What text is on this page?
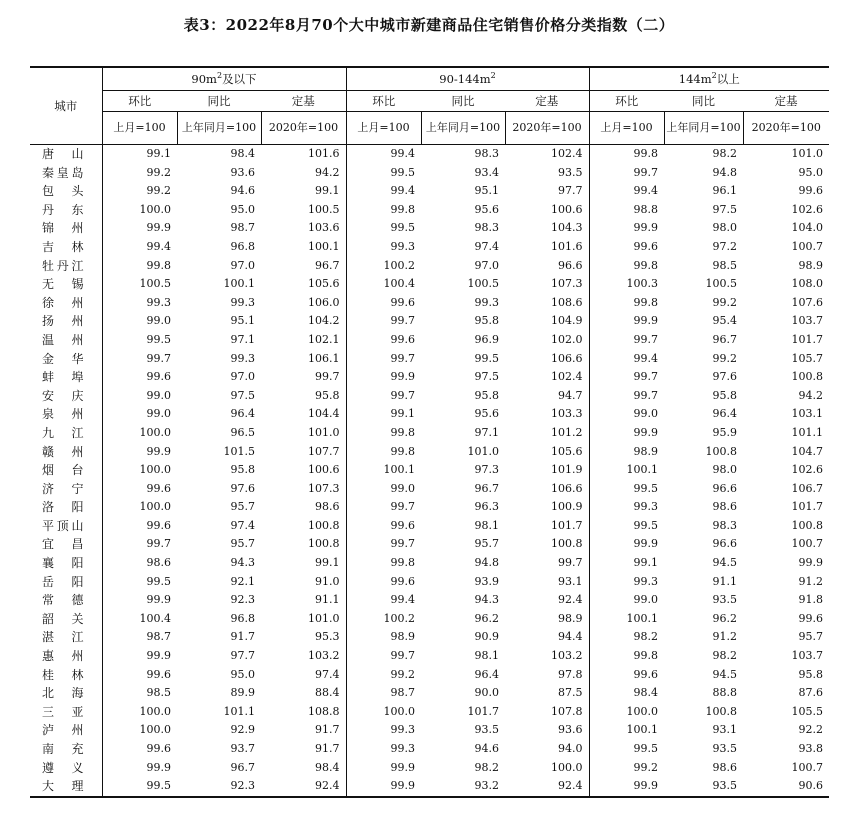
表3：2022年8月70个大中城市新建商品住宅销售价格分类指数（二）
城市	$90m^2$及以下			$90-144m^2$			$144m^2$以上		
	环比	同比	定基	环比	同比	定基	环比	同比	定基
	上月=100	上年同月=100	2020年=100	上月=100	上年同月=100	2020年=100	上月=100	上年同月=100	2020年=100
唐山	99.1	98.4	101.6	99.4	98.3	102.4	99.8	98.2	101.0
秦皇岛	99.2	93.6	94.2	99.5	93.4	93.5	99.7	94.8	95.0
包头	99.2	94.6	99.1	99.4	95.1	97.7	99.4	96.1	99.6
丹东	100.0	95.0	100.5	99.8	95.6	100.6	98.8	97.5	102.6
锦州	99.9	98.7	103.6	99.5	98.3	104.3	99.9	98.0	104.0
吉林	99.4	96.8	100.1	99.3	97.4	101.6	99.6	97.2	100.7
牡丹江	99.8	97.0	96.7	100.2	97.0	96.6	99.8	98.5	98.9
无锡	100.5	100.1	105.6	100.4	100.5	107.3	100.3	100.5	108.0
徐州	99.3	99.3	106.0	99.6	99.3	108.6	99.8	99.2	107.6
扬州	99.0	95.1	104.2	99.7	95.8	104.9	99.9	95.4	103.7
温州	99.5	97.1	102.1	99.6	96.9	102.0	99.7	96.7	101.7
金华	99.7	99.3	106.1	99.7	99.5	106.6	99.4	99.2	105.7
蚌埠	99.6	97.0	99.7	99.9	97.5	102.4	99.7	97.6	100.8
安庆	99.0	97.5	95.8	99.7	95.8	94.7	99.7	95.8	94.2
泉州	99.0	96.4	104.4	99.1	95.6	103.3	99.0	96.4	103.1
九江	100.0	96.5	101.0	99.8	97.1	101.2	99.9	95.9	101.1
赣州	99.9	101.5	107.7	99.8	101.0	105.6	98.9	100.8	104.7
烟台	100.0	95.8	100.6	100.1	97.3	101.9	100.1	98.0	102.6
济宁	99.6	97.6	107.3	99.0	96.7	106.6	99.5	96.6	106.7
洛阳	100.0	95.7	98.6	99.7	96.3	100.9	99.3	98.6	101.7
平顶山	99.6	97.4	100.8	99.6	98.1	101.7	99.5	98.3	100.8
宜昌	99.7	95.7	100.8	99.7	95.7	100.8	99.9	96.6	100.7
襄阳	98.6	94.3	99.1	99.8	94.8	99.7	99.1	94.5	99.9
岳阳	99.5	92.1	91.0	99.6	93.9	93.1	99.3	91.1	91.2
常德	99.9	92.3	91.1	99.4	94.3	92.4	99.0	93.5	91.8
韶关	100.4	96.8	101.0	100.2	96.2	98.9	100.1	96.2	99.6
湛江	98.7	91.7	95.3	98.9	90.9	94.4	98.2	91.2	95.7
惠州	99.9	97.7	103.2	99.7	98.1	103.2	99.8	98.2	103.7
桂林	99.6	95.0	97.4	99.2	96.4	97.8	99.6	94.5	95.8
北海	98.5	89.9	88.4	98.7	90.0	87.5	98.4	88.8	87.6
三亚	100.0	101.1	108.8	100.0	101.7	107.8	100.0	100.8	105.5
泸州	100.0	92.9	91.7	99.3	93.5	93.6	100.1	93.1	92.2
南充	99.6	93.7	91.7	99.3	94.6	94.0	99.5	93.5	93.8
遵义	99.9	96.7	98.4	99.9	98.2	100.0	99.2	98.6	100.7
大理	99.5	92.3	92.4	99.9	93.2	92.4	99.9	93.5	90.6
